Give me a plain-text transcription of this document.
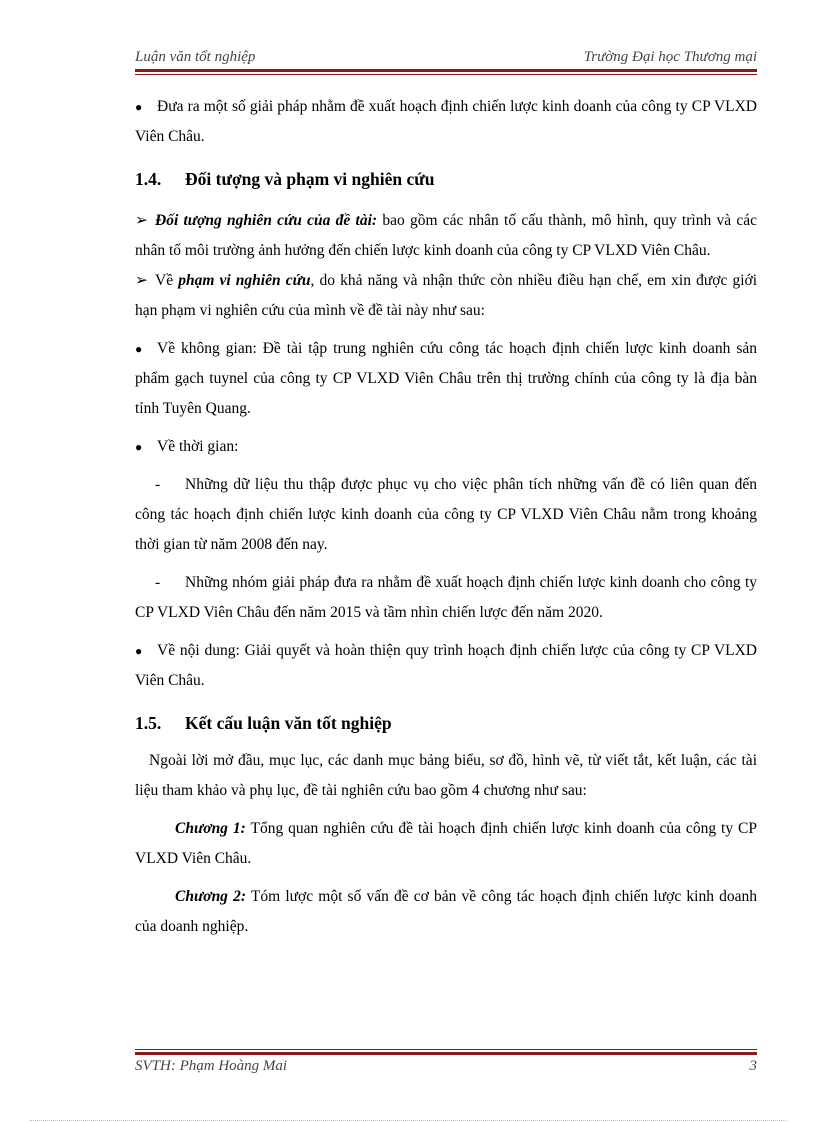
Luận văn tốt nghiệp	Trường Đại học Thương mại

● Đưa ra một số giải pháp nhằm đề xuất hoạch định chiến lược kinh doanh của công ty CP VLXD Viên Châu.

1.4. Đối tượng và phạm vi nghiên cứu

➢ Đối tượng nghiên cứu của đề tài: bao gồm các nhân tố cấu thành, mô hình, quy trình và các nhân tố môi trường ảnh hưởng đến chiến lược kinh doanh của công ty CP VLXD Viên Châu.

➢ Về phạm vi nghiên cứu, do khả năng và nhận thức còn nhiều điều hạn chế, em xin được giới hạn phạm vi nghiên cứu của mình về đề tài này như sau:

● Về không gian: Đề tài tập trung nghiên cứu công tác hoạch định chiến lược kinh doanh sản phẩm gạch tuynel của công ty CP VLXD Viên Châu trên thị trường chính của công ty là địa bàn tỉnh Tuyên Quang.

● Về thời gian:

- Những dữ liệu thu thập được phục vụ cho việc phân tích những vấn đề có liên quan đến công tác hoạch định chiến lược kinh doanh của công ty CP VLXD Viên Châu nằm trong khoảng thời gian từ năm 2008 đến nay.

- Những nhóm giải pháp đưa ra nhằm đề xuất hoạch định chiến lược kinh doanh cho công ty CP VLXD Viên Châu đến năm 2015 và tầm nhìn chiến lược đến năm 2020.

● Về nội dung: Giải quyết và hoàn thiện quy trình hoạch định chiến lược của công ty CP VLXD Viên Châu.

1.5. Kết cấu luận văn tốt nghiệp

Ngoài lời mở đầu, mục lục, các danh mục bảng biểu, sơ đồ, hình vẽ, từ viết tắt, kết luận, các tài liệu tham khảo và phụ lục, đề tài nghiên cứu bao gồm 4 chương như sau:

Chương 1: Tổng quan nghiên cứu đề tài hoạch định chiến lược kinh doanh của công ty CP VLXD Viên Châu.

Chương 2: Tóm lược một số vấn đề cơ bản về công tác hoạch định chiến lược kinh doanh của doanh nghiệp.

SVTH: Phạm Hoàng Mai	3
